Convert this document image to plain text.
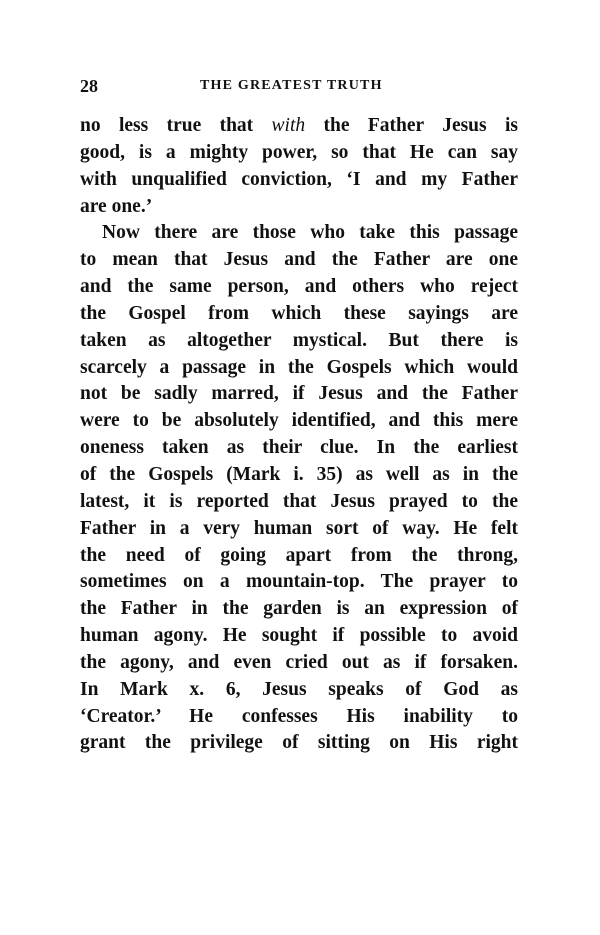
28	THE GREATEST TRUTH
no less true that with the Father Jesus is
good, is a mighty power, so that He can say
with unqualified conviction, ‘I and my Father
are one.’
Now there are those who take this passage
to mean that Jesus and the Father are one
and the same person, and others who reject
the Gospel from which these sayings are
taken as altogether mystical. But there is
scarcely a passage in the Gospels which would
not be sadly marred, if Jesus and the Father
were to be absolutely identified, and this mere
oneness taken as their clue. In the earliest
of the Gospels (Mark i. 35) as well as in the
latest, it is reported that Jesus prayed to the
Father in a very human sort of way. He felt
the need of going apart from the throng,
sometimes on a mountain-top. The prayer to
the Father in the garden is an expression of
human agony. He sought if possible to avoid
the agony, and even cried out as if forsaken.
In Mark x. 6, Jesus speaks of God as
‘Creator.’ He confesses His inability to
grant the privilege of sitting on His right
